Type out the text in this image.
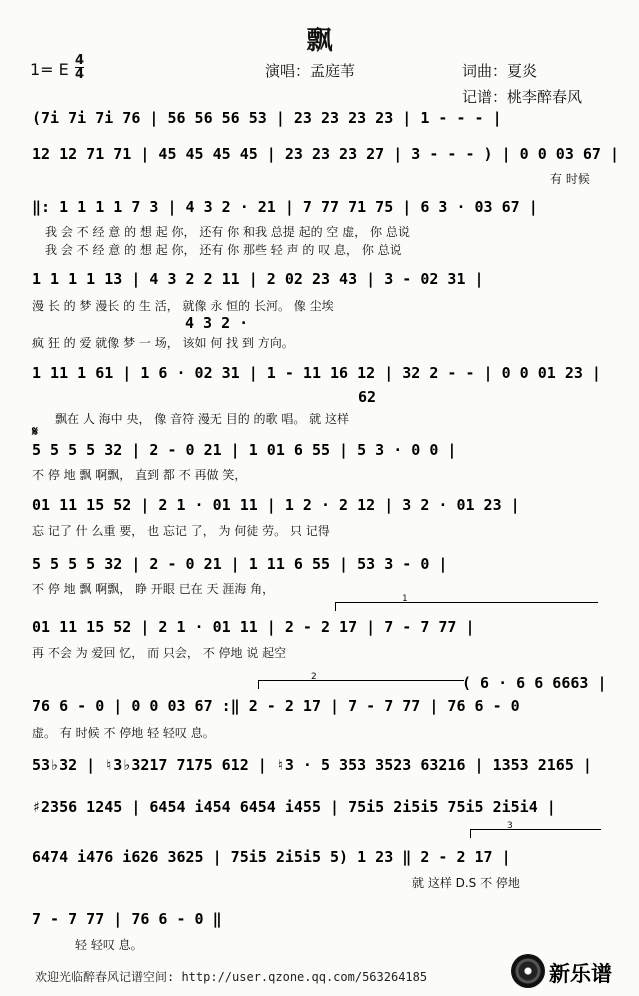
飘
1= E 4
4	演唱：孟庭苇	词曲：夏炎
记谱：桃李醉春风
(7i 7i 7i 76 | 56 56 56 53 | 23 23 23 23 | 1 - - - |
12 12 71 71 | 45 45 45 45 | 23 23 23 27 | 3 - - - ) | 0 0 03 67 |
有 时候
‖: 1 1 1 1 7 3 | 4 3 2 · 21 | 7 77 71 75 | 6 3 · 03 67 |
我 会 不 经 意 的 想 起 你， 还有 你 和我 总提 起的 空 虚， 你 总说
我 会 不 经 意 的 想 起 你， 还有 你 那些 轻 声 的 叹 息， 你 总说
1 1 1 1 13 | 4 3 2 2 11 | 2 02 23 43 | 3 - 02 31 |
漫 长 的 梦 漫长 的 生 活， 就像 永 恒的 长河。 像 尘埃
4 3 2 ·
疯 狂 的 爱 就像 梦 一 场， 该如 何 找 到 方向。
1 11 1 61 | 1 6 · 02 31 | 1 - 11 16 12 | 32 2 - - | 0 0 01 23 |
62
飘在 人 海中 央， 像 音符 漫无 目的 的歌 唱。 就 这样
𝄋
5 5 5 5 32 | 2 - 0 21 | 1 01 6 55 | 5 3 · 0 0 |
不 停 地 飘 啊飘， 直到 都 不 再做 笑，
01 11 15 52 | 2 1 · 01 11 | 1 2 · 2 12 | 3 2 · 01 23 |
忘 记了 什 么重 要， 也 忘记 了， 为 何徒 劳。 只 记得
5 5 5 5 32 | 2 - 0 21 | 1 11 6 55 | 53 3 - 0 |
不 停 地 飘 啊飘， 睁 开眼 已在 天 涯海 角，
1
01 11 15 52 | 2 1 · 01 11 | 2 - 2 17 | 7 - 7 77 |
再 不会 为 爱回 忆， 而 只会， 不 停地 说 起空
2	( 6 · 6 6 6663 |
76 6 - 0 | 0 0 03 67 :‖ 2 - 2 17 | 7 - 7 77 | 76 6 - 0
虚。 有 时候 不 停地 轻 轻叹 息。
53♭32 | ♮3♭3217 7175 612 | ♮3 · 5 353 3523 63216 | 1353 2165 |
♯2356 1245 | 6454 i454 6454 i455 | 75i5 2i5i5 75i5 2i5i4 |
3
6474 i476 i626 3625 | 75i5 2i5i5 5) 1 23 ‖ 2 - 2 17 |
就 这样 D.S 不 停地
7 - 7 77 | 76 6 - 0 ‖
轻 轻叹 息。
欢迎光临醉春风记谱空间: http://user.qzone.qq.com/563264185	新乐谱
